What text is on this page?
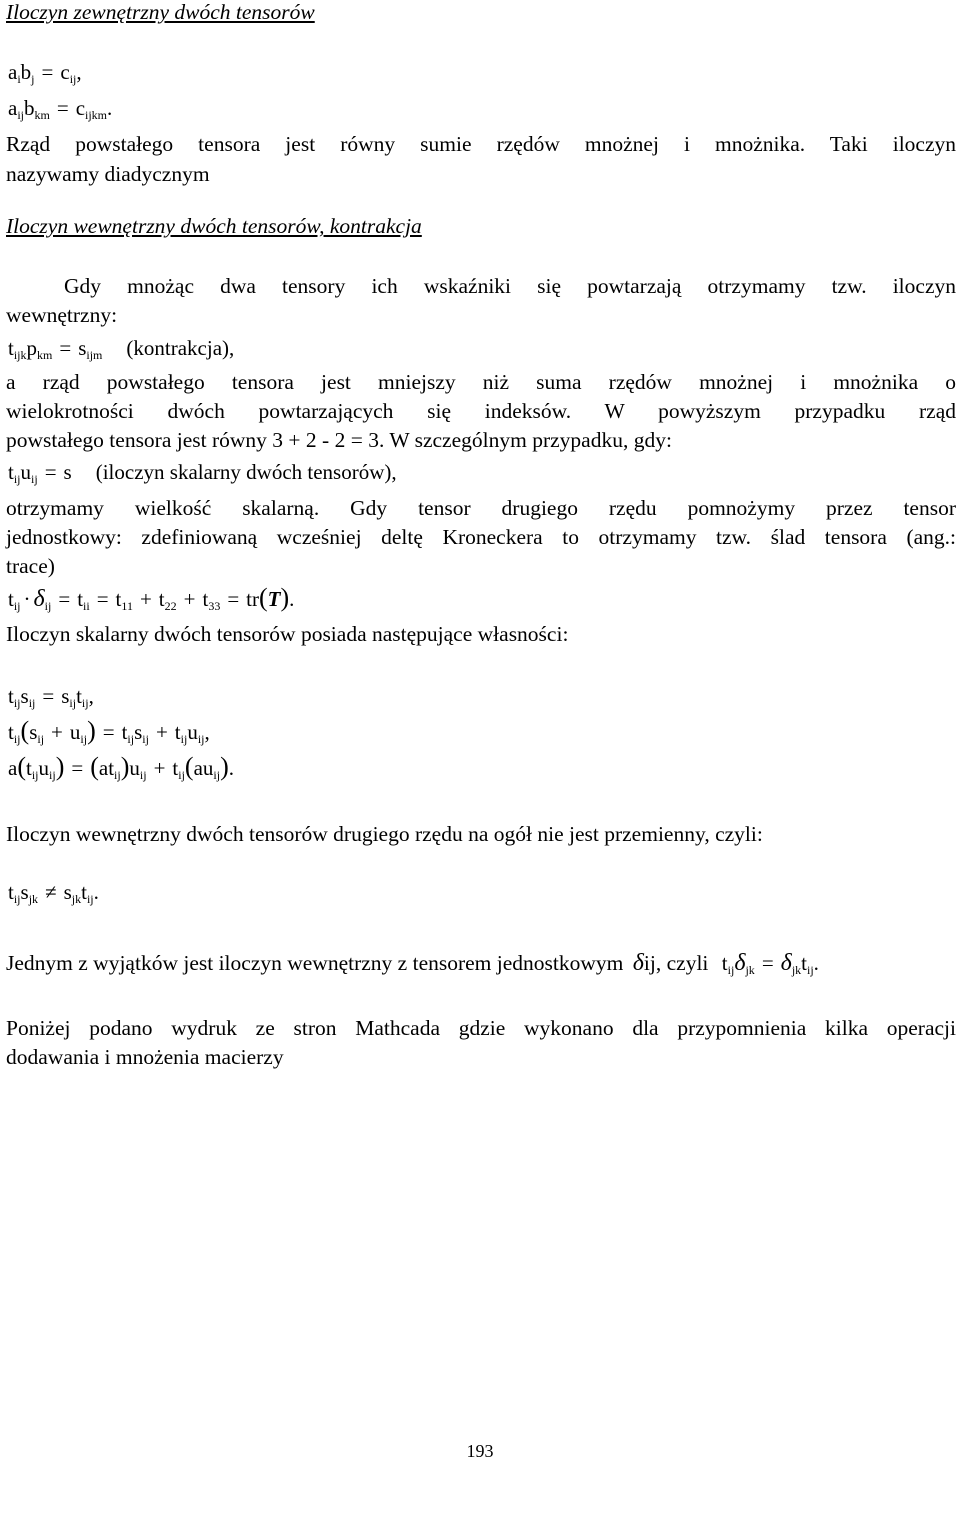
Iloczyn zewnętrzny dwóch tensorów
$a_ib_j = c_{ij}$,
$a_{ij}b_{km} = c_{ijkm}$.
Rząd powstałego tensora jest równy sumie rzędów mnożnej i mnożnika. Taki iloczyn
nazywamy diadycznym
Iloczyn wewnętrzny dwóch tensorów, kontrakcja
Gdy mnożąc dwa tensory ich wskaźniki się powtarzają otrzymamy tzw. iloczyn
wewnętrzny:
$t_{ijk}p_{km} = s_{ijm}$ (kontrakcja),
a rząd powstałego tensora jest mniejszy niż suma rzędów mnożnej i mnożnika o
wielokrotności dwóch powtarzających się indeksów. W powyższym przypadku rząd
powstałego tensora jest równy 3 + 2 - 2 = 3. W szczególnym przypadku, gdy:
$t_{ij}u_{ij} = s$ (iloczyn skalarny dwóch tensorów),
otrzymamy wielkość skalarną. Gdy tensor drugiego rzędu pomnożymy przez tensor
jednostkowy: zdefiniowaną wcześniej deltę Kroneckera to otrzymamy tzw. ślad tensora (ang.:
trace)
$t_{ij} \cdot \delta_{ij} = t_{ii} = t_{11} + t_{22} + t_{33} = tr(T)$.
Iloczyn skalarny dwóch tensorów posiada następujące własności:
$t_{ij}s_{ij} = s_{ij}t_{ij}$,
$t_{ij}(s_{ij} + u_{ij}) = t_{ij}s_{ij} + t_{ij}u_{ij}$,
$a(t_{ij}u_{ij}) = (at_{ij})u_{ij} + t_{ij}(au_{ij})$.
Iloczyn wewnętrzny dwóch tensorów drugiego rzędu na ogół nie jest przemienny, czyli:
$t_{ij}s_{jk} \ne s_{jk}t_{ij}$.
Jednym z wyjątków jest iloczyn wewnętrzny z tensorem jednostkowym δij, czyli $t_{ij}\delta_{jk} = \delta_{jk}t_{ij}$.
Poniżej podano wydruk ze stron Mathcada gdzie wykonano dla przypomnienia kilka operacji
dodawania i mnożenia macierzy
193
